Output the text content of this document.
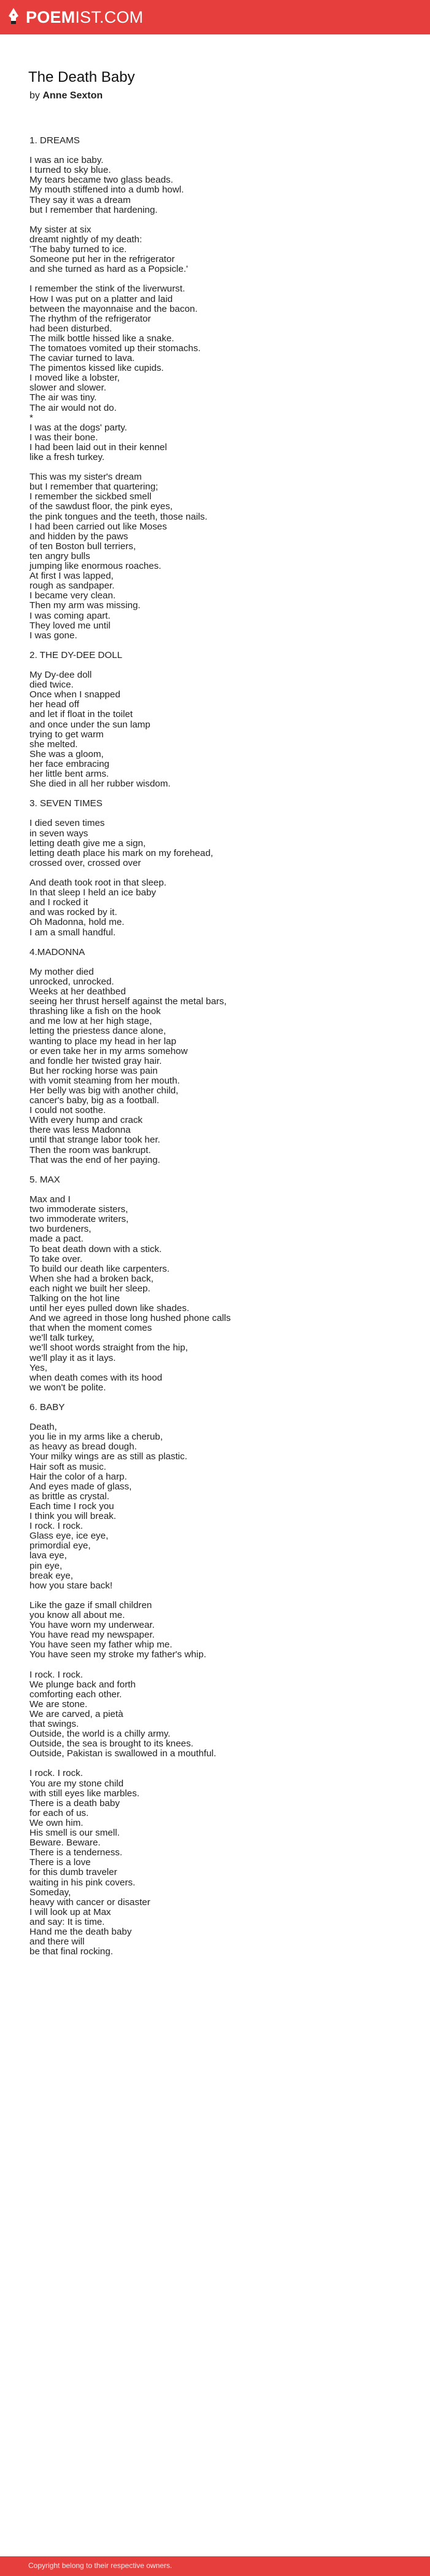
POEMIST.COM
The Death Baby
by Anne Sexton
1. DREAMS

I was an ice baby.
I turned to sky blue.
My tears became two glass beads.
My mouth stiffened into a dumb howl.
They say it was a dream
but I remember that hardening.

My sister at six
dreamt nightly of my death:
'The baby turned to ice.
Someone put her in the refrigerator
and she turned as hard as a Popsicle.'

I remember the stink of the liverwurst.
How I was put on a platter and laid
between the mayonnaise and the bacon.
The rhythm of the refrigerator
had been disturbed.
The milk bottle hissed like a snake.
The tomatoes vomited up their stomachs.
The caviar turned to lava.
The pimentos kissed like cupids.
I moved like a lobster,
slower and slower.
The air was tiny.
The air would not do.
*
I was at the dogs' party.
I was their bone.
I had been laid out in their kennel
like a fresh turkey.

This was my sister's dream
but I remember that quartering;
I remember the sickbed smell
of the sawdust floor, the pink eyes,
the pink tongues and the teeth, those nails.
I had been carried out like Moses
and hidden by the paws
of ten Boston bull terriers,
ten angry bulls
jumping like enormous roaches.
At first I was lapped,
rough as sandpaper.
I became very clean.
Then my arm was missing.
I was coming apart.
They loved me until
I was gone.

2. THE DY-DEE DOLL

My Dy-dee doll
died twice.
Once when I snapped
her head off
and let if float in the toilet
and once under the sun lamp
trying to get warm
she melted.
She was a gloom,
her face embracing
her little bent arms.
She died in all her rubber wisdom.

3. SEVEN TIMES

I died seven times
in seven ways
letting death give me a sign,
letting death place his mark on my forehead,
crossed over, crossed over

And death took root in that sleep.
In that sleep I held an ice baby
and I rocked it
and was rocked by it.
Oh Madonna, hold me.
I am a small handful.

4.MADONNA

My mother died
unrocked, unrocked.
Weeks at her deathbed
seeing her thrust herself against the metal bars,
thrashing like a fish on the hook
and me low at her high stage,
letting the priestess dance alone,
wanting to place my head in her lap
or even take her in my arms somehow
and fondle her twisted gray hair.
But her rocking horse was pain
with vomit steaming from her mouth.
Her belly was big with another child,
cancer's baby, big as a football.
I could not soothe.
With every hump and crack
there was less Madonna
until that strange labor took her.
Then the room was bankrupt.
That was the end of her paying.

5. MAX

Max and I
two immoderate sisters,
two immoderate writers,
two burdeners,
made a pact.
To beat death down with a stick.
To take over.
To build our death like carpenters.
When she had a broken back,
each night we built her sleep.
Talking on the hot line
until her eyes pulled down like shades.
And we agreed in those long hushed phone calls
that when the moment comes
we'll talk turkey,
we'll shoot words straight from the hip,
we'll play it as it lays.
Yes,
when death comes with its hood
we won't be polite.

6. BABY

Death,
you lie in my arms like a cherub,
as heavy as bread dough.
Your milky wings are as still as plastic.
Hair soft as music.
Hair the color of a harp.
And eyes made of glass,
as brittle as crystal.
Each time I rock you
I think you will break.
I rock. I rock.
Glass eye, ice eye,
primordial eye,
lava eye,
pin eye,
break eye,
how you stare back!

Like the gaze if small children
you know all about me.
You have worn my underwear.
You have read my newspaper.
You have seen my father whip me.
You have seen my stroke my father's whip.

I rock. I rock.
We plunge back and forth
comforting each other.
We are stone.
We are carved, a pietà
that swings.
Outside, the world is a chilly army.
Outside, the sea is brought to its knees.
Outside, Pakistan is swallowed in a mouthful.

I rock. I rock.
You are my stone child
with still eyes like marbles.
There is a death baby
for each of us.
We own him.
His smell is our smell.
Beware. Beware.
There is a tenderness.
There is a love
for this dumb traveler
waiting in his pink covers.
Someday,
heavy with cancer or disaster
I will look up at Max
and say: It is time.
Hand me the death baby
and there will
be that final rocking.
Copyright belong to their respective owners.
